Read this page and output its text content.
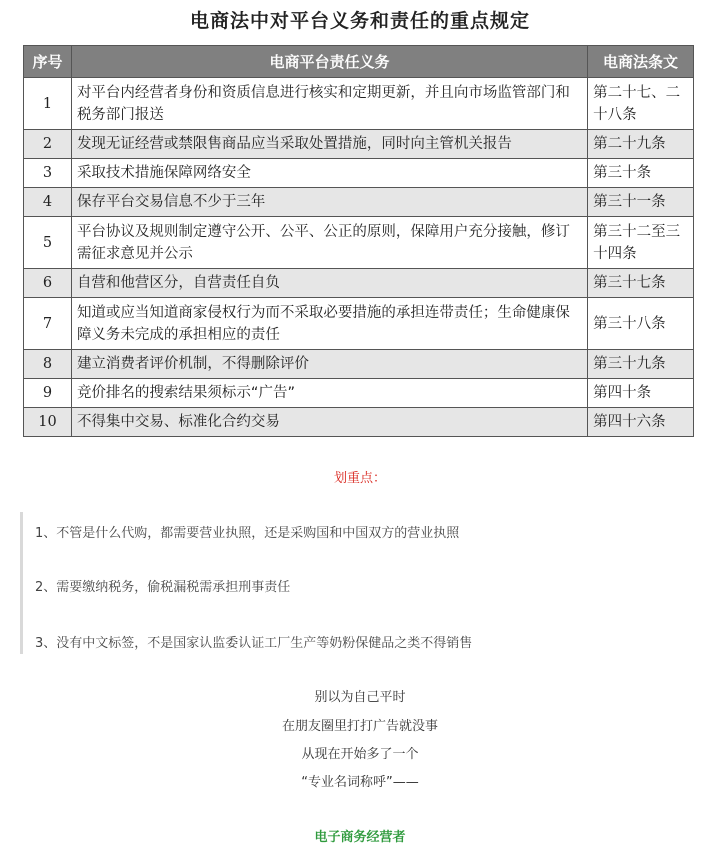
电商法中对平台义务和责任的重点规定
序号	电商平台责任义务	电商法条文
1	对平台内经营者身份和资质信息进行核实和定期更新，并且向市场监管部门和税务部门报送	第二十七、二十八条
2	发现无证经营或禁限售商品应当采取处置措施，同时向主管机关报告	第二十九条
3	采取技术措施保障网络安全	第三十条
4	保存平台交易信息不少于三年	第三十一条
5	平台协议及规则制定遵守公开、公平、公正的原则，保障用户充分接触，修订需征求意见并公示	第三十二至三十四条
6	自营和他营区分，自营责任自负	第三十七条
7	知道或应当知道商家侵权行为而不采取必要措施的承担连带责任；生命健康保障义务未完成的承担相应的责任	第三十八条
8	建立消费者评价机制，不得删除评价	第三十九条
9	竞价排名的搜索结果须标示“广告”	第四十条
10	不得集中交易、标准化合约交易	第四十六条
划重点：
1、不管是什么代购，都需要营业执照，还是采购国和中国双方的营业执照
2、需要缴纳税务，偷税漏税需承担刑事责任
3、没有中文标签，不是国家认监委认证工厂生产等奶粉保健品之类不得销售
别以为自己平时
在朋友圈里打打广告就没事
从现在开始多了一个
“专业名词称呼”——
电子商务经营者
